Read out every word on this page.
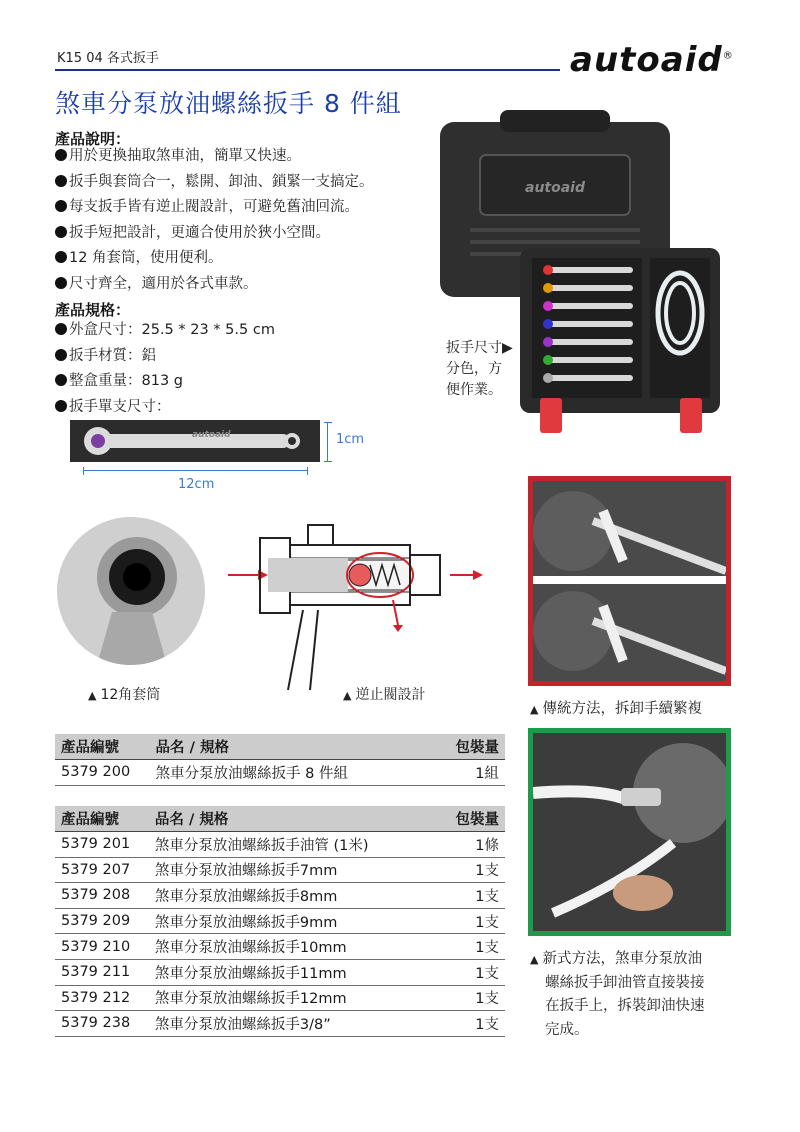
K15 04 各式扳手	autoaid®
煞車分泵放油螺絲扳手 8 件組
產品說明：
用於更換抽取煞車油，簡單又快速。
扳手與套筒合一，鬆開、卸油、鎖緊一支搞定。
每支扳手皆有逆止閥設計，可避免舊油回流。
扳手短把設計，更適合使用於狹小空間。
12 角套筒，使用便利。
尺寸齊全，適用於各式車款。
產品規格：
外盒尺寸：25.5 * 23 * 5.5 cm
扳手材質：鋁
整盒重量：813 g
扳手單支尺寸：
autoaid
扳手尺寸▶
分色，方
便作業。
autoaid	1cm
12cm
▲ 12角套筒	▲ 逆止閥設計
▲ 傳統方法，拆卸手續繁複
▲ 新式方法，煞車分泵放油
螺絲扳手卸油管直接裝接
在扳手上，拆裝卸油快速
完成。
產品編號	品名 / 規格	包裝量
5379 200	煞車分泵放油螺絲扳手 8 件組	1組
產品編號	品名 / 規格	包裝量
5379 201	煞車分泵放油螺絲扳手油管 (1米)	1條
5379 207	煞車分泵放油螺絲扳手7mm	1支
5379 208	煞車分泵放油螺絲扳手8mm	1支
5379 209	煞車分泵放油螺絲扳手9mm	1支
5379 210	煞車分泵放油螺絲扳手10mm	1支
5379 211	煞車分泵放油螺絲扳手11mm	1支
5379 212	煞車分泵放油螺絲扳手12mm	1支
5379 238	煞車分泵放油螺絲扳手3/8”	1支
